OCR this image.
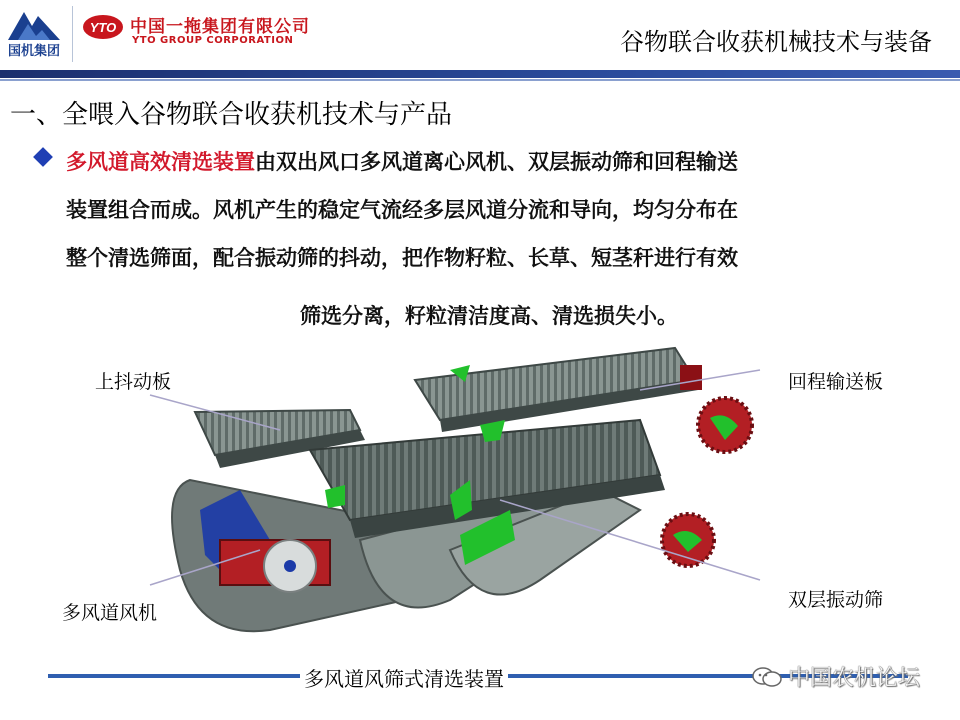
国机集团
YTO 中国一拖集团有限公司
YTO GROUP CORPORATION	谷物联合收获机械技术与装备
一、全喂入谷物联合收获机技术与产品
多风道高效清选装置由双出风口多风道离心风机、双层振动筛和回程输送
装置组合而成。风机产生的稳定气流经多层风道分流和导向，均匀分布在
整个清选筛面，配合振动筛的抖动，把作物籽粒、长草、短茎秆进行有效
筛选分离，籽粒清洁度高、清选损失小。
上抖动板	回程输送板
多风道风机
双层振动筛
多风道风筛式清选装置	中国农机论坛
